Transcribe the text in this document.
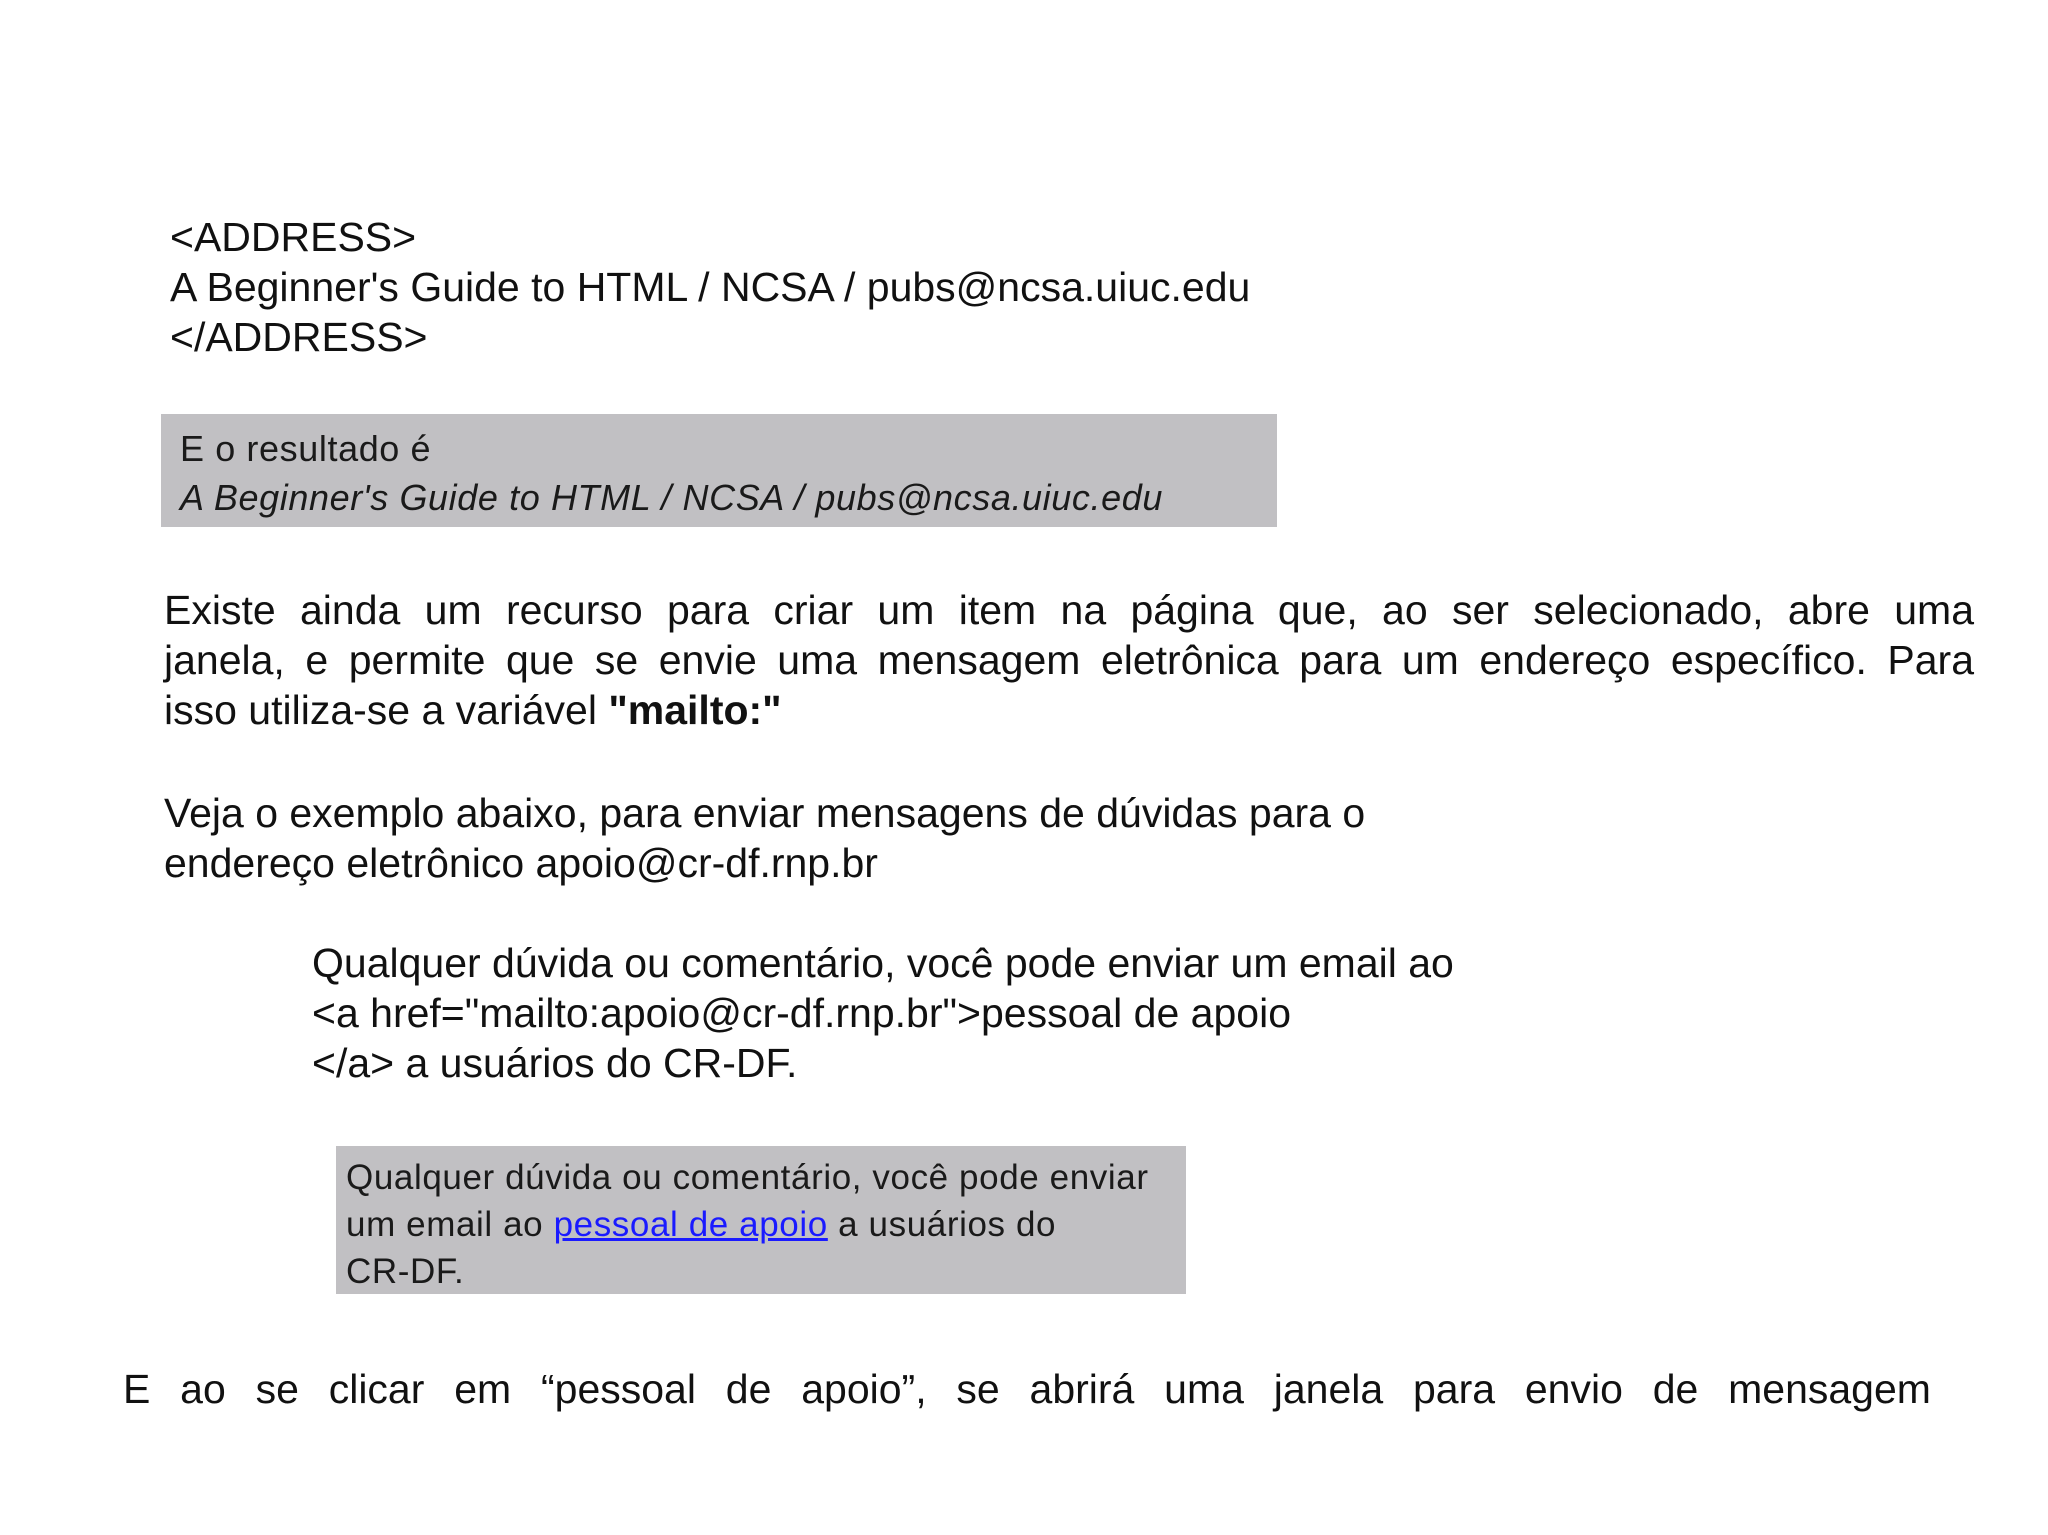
<ADDRESS>
A Beginner's Guide to HTML / NCSA / pubs@ncsa.uiuc.edu
</ADDRESS>
E o resultado é
A Beginner's Guide to HTML / NCSA / pubs@ncsa.uiuc.edu
Existe ainda um recurso para criar um item na página que, ao ser selecionado, abre uma
janela, e permite que se envie uma mensagem eletrônica para um endereço específico. Para
isso utiliza-se a variável "mailto:"
Veja o exemplo abaixo, para enviar mensagens de dúvidas para o
endereço eletrônico apoio@cr-df.rnp.br
Qualquer dúvida ou comentário, você pode enviar um email ao
<a href="mailto:apoio@cr-df.rnp.br">pessoal de apoio
</a> a usuários do CR-DF.
Qualquer dúvida ou comentário, você pode enviar
um email ao pessoal de apoio a usuários do
CR-DF.
E ao se clicar em “pessoal de apoio”, se abrirá uma janela para envio de mensagem
